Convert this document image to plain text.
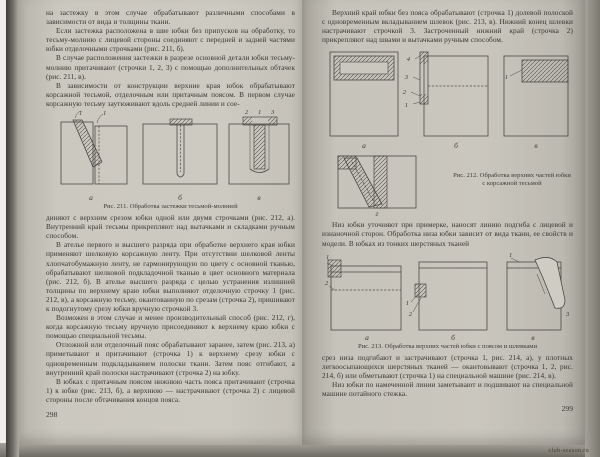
на застежку в этом случае обрабатывают различными способами в зависимости от вида и толщины ткани.

Если застежка расположена в шве юбки без припусков на обработку, то тесьму-молнию с лицевой стороны соединяют с передней и задней частями юбки отделочными строчками (рис. 211, б).

В случае расположения застежки в разрезе основной детали юбки тесьму-молнию притачивают (строчки 1, 2, 3) с помощью дополнительных обтачек (рис. 211, в).

В зависимости от конструкции верхние края юбок обрабатывают корсажной тесьмой, отделочным или притачным поясом. В первом случае корсажную тесьму заутюживают вдоль средней линии и сое-

1	1
а	б
2 1 3
в
Рис. 211. Обработка застежки тесьмой-молнией

диняют с верхним срезом юбки одной или двумя строчками (рис. 212, а). Внутренний край тесьмы прикрепляют над вытачками и складками ручным способом.

В ателье первого и высшего разряда при обработке верхнего края юбки применяют шелковую корсажную ленту. При отсутствии шелковой ленты хлопчатобумажную ленту, не гармонирующую по цвету с основной тканью, обрабатывают шелковой подкладочной тканью в цвет основного материала (рис. 212, б). В ателье высшего разряда с целью устранения излишней толщины по верхнему краю юбки выполняют отделочную строчку 1 (рис. 212, в), а корсажную тесьму, окантованную по срезам (строчка 2), пришивают к подогнутому срезу юбки вручную строчкой 3.

Возможен в этом случае и менее производительный способ (рис. 212, г), когда корсажную тесьму вручную присоединяют к верхнему краю юбки с помощью специальной тесьмы.

Отложной или отделочный пояс обрабатывают заранее, затем (рис. 213, а) приметывают и притачивают (строчка 1) к верхнему срезу юбки с одновременным подкладыванием полоски ткани. Затем пояс отгибают, а внутренний край полоски настрачивают (строчка 2) на юбку.

В юбках с притачным поясом нижнюю часть пояса притачивают (строчка 1) к юбке (рис. 213, б), а верхнюю — настрачивают (строчка 2) с лицевой стороны после обтачивания концов пояса.

298

Верхний край юбки без пояса обрабатывают (строчка 1) долевой полоской с одновременным вкладыванием шлевок (рис. 213, в). Нижний конец шлевки настрачивают строчкой 3. Застроченный нижний край (строчка 2) прикрепляют над швами и вытачками ручным способом.

а
4
3
2
1
б
1
в
г
Рис. 212. Обработка верхних частей юбки
с корсажной тесьмой

Низ юбки уточняют при примерке, наносят линию подгиба с лицевой и изнаночной сторон. Обработка низа юбки зависит от вида ткани, ее свойств и модели. В юбках из тонких шерстяных тканей

1
2
а
1
2
б
1
3
в
Рис. 213. Обработка верхних частей юбки с поясом и шлевками

срез низа подгибают и застрачивают (строчка 1, рис. 214, а), у плотных легкоосыпающихся шерстяных тканей — окантовывают (строчка 1, 2, рис. 214, б) или обметывают (строчка 1) на специальной машине (рис. 214, в).

Низ юбки по намеченной линии заметывают и подшивают на специальной машине потайного стежка.

299
club-season.ru
